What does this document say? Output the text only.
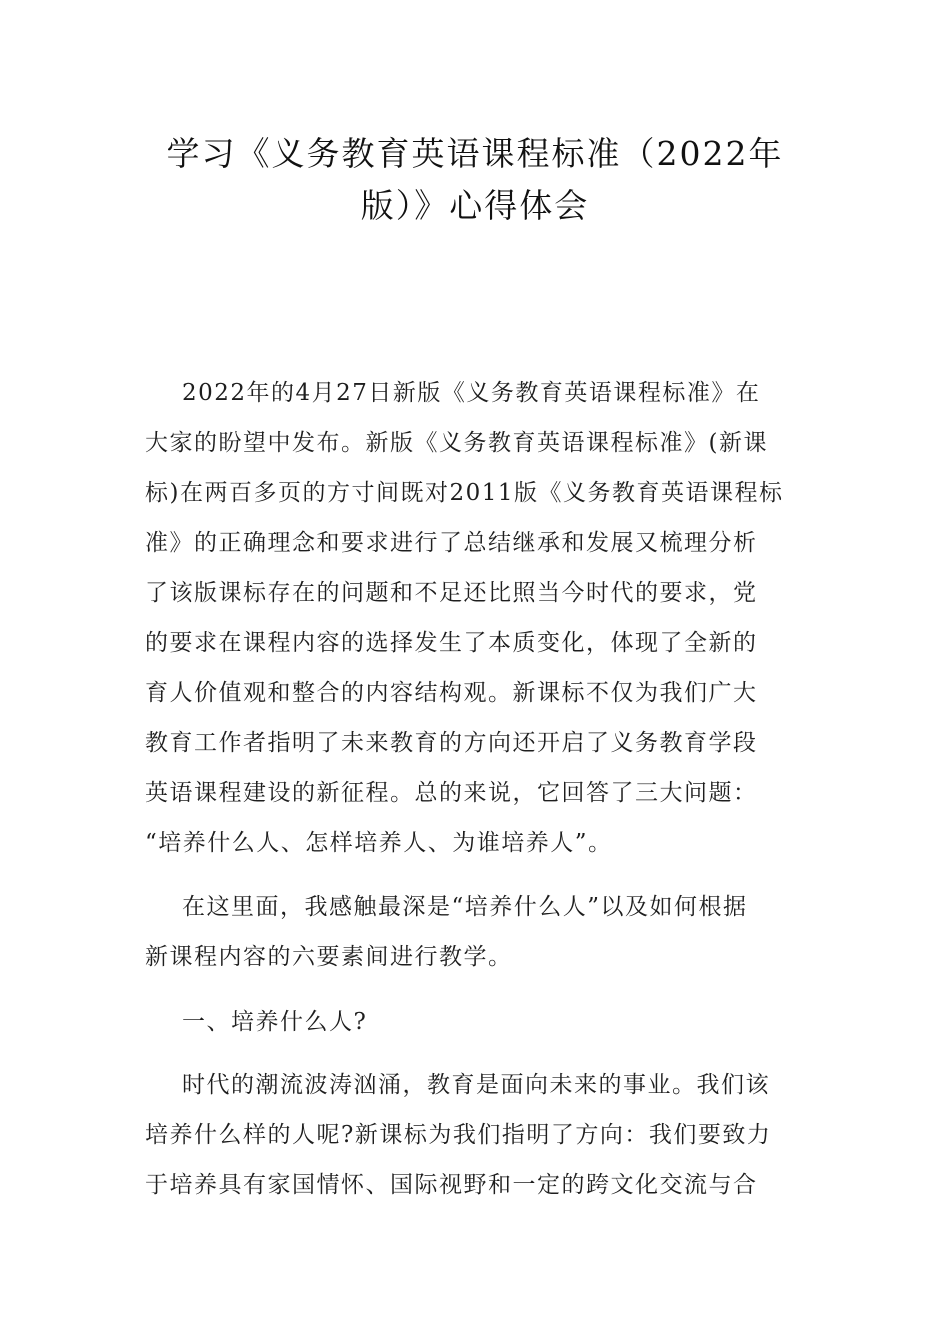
学习《义务教育英语课程标准（2022年
版）》心得体会
2022年的4月27日新版《义务教育英语课程标准》在
大家的盼望中发布。新版《义务教育英语课程标准》(新课
标)在两百多页的方寸间既对2011版《义务教育英语课程标
准》的正确理念和要求进行了总结继承和发展又梳理分析
了该版课标存在的问题和不足还比照当今时代的要求，党
的要求在课程内容的选择发生了本质变化，体现了全新的
育人价值观和整合的内容结构观。新课标不仅为我们广大
教育工作者指明了未来教育的方向还开启了义务教育学段
英语课程建设的新征程。总的来说，它回答了三大问题：
“培养什么人、怎样培养人、为谁培养人”。
在这里面，我感触最深是“培养什么人”以及如何根据
新课程内容的六要素间进行教学。
一、培养什么人?
时代的潮流波涛汹涌，教育是面向未来的事业。我们该
培养什么样的人呢?新课标为我们指明了方向：我们要致力
于培养具有家国情怀、国际视野和一定的跨文化交流与合
